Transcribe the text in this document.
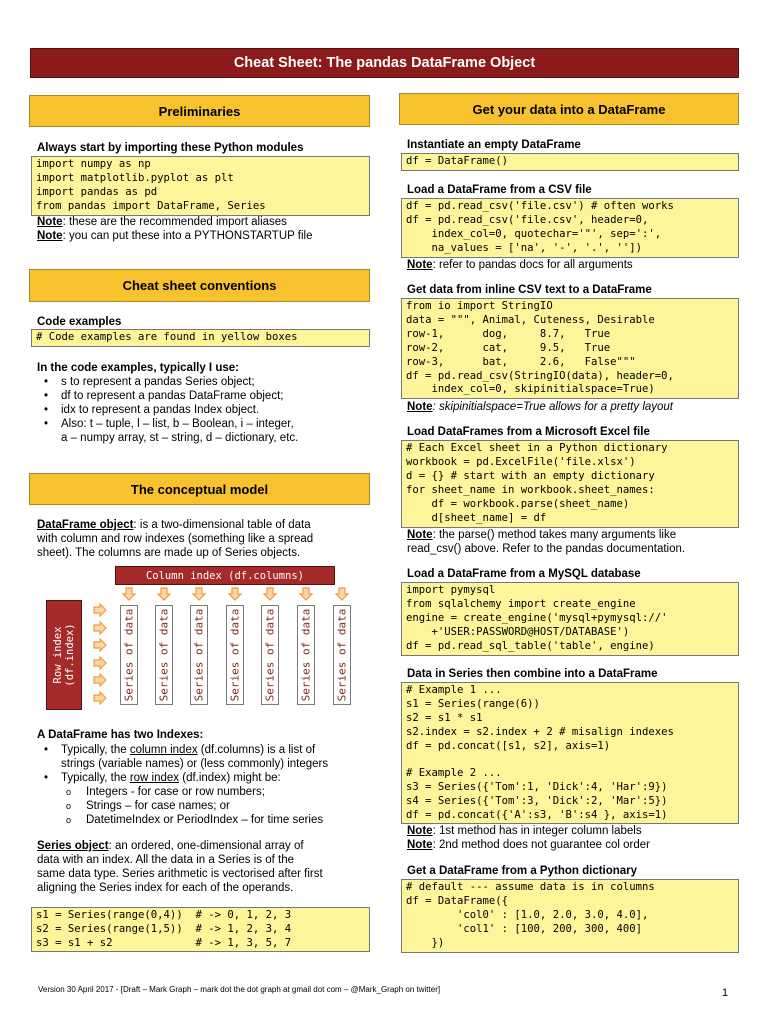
Cheat Sheet: The pandas DataFrame Object
Preliminaries
Always start by importing these Python modules
import numpy as np
import matplotlib.pyplot as plt
import pandas as pd
from pandas import DataFrame, Series
Note: these are the recommended import aliases
Note: you can put these into a PYTHONSTARTUP file
Cheat sheet conventions
Code examples
# Code examples are found in yellow boxes
In the code examples, typically I use:
• s to represent a pandas Series object;
• df to represent a pandas DataFrame object;
• idx to represent a pandas Index object.
• Also: t – tuple, l – list, b – Boolean, i – integer,
a – numpy array, st – string, d – dictionary, etc.
The conceptual model
DataFrame object: is a two-dimensional table of data
with column and row indexes (something like a spread
sheet). The columns are made up of Series objects.
Column index (df.columns)
Row index
(df.index)	Series of data Series of data Series of data Series of data Series of data Series of data Series of data
A DataFrame has two Indexes:
• Typically, the column index (df.columns) is a list of
strings (variable names) or (less commonly) integers
• Typically, the row index (df.index) might be:
o Integers - for case or row numbers;
o Strings – for case names; or
o DatetimeIndex or PeriodIndex – for time series
Series object: an ordered, one-dimensional array of
data with an index. All the data in a Series is of the
same data type. Series arithmetic is vectorised after first
aligning the Series index for each of the operands.
s1 = Series(range(0,4))  # -> 0, 1, 2, 3
s2 = Series(range(1,5))  # -> 1, 2, 3, 4
s3 = s1 + s2             # -> 1, 3, 5, 7
Get your data into a DataFrame
Instantiate an empty DataFrame
df = DataFrame()
Load a DataFrame from a CSV file
df = pd.read_csv('file.csv') # often works
df = pd.read_csv('file.csv', header=0,
index_col=0, quotechar='"', sep=':',
na_values = ['na', '-', '.', ''])
Note: refer to pandas docs for all arguments
Get data from inline CSV text to a DataFrame
from io import StringIO
data = """, Animal, Cuteness, Desirable
row-1,      dog,     8.7,   True
row-2,      cat,     9.5,   True
row-3,      bat,     2.6,   False"""
df = pd.read_csv(StringIO(data), header=0,
index_col=0, skipinitialspace=True)
Note: skipinitialspace=True allows for a pretty layout
Load DataFrames from a Microsoft Excel file
# Each Excel sheet in a Python dictionary
workbook = pd.ExcelFile('file.xlsx')
d = {} # start with an empty dictionary
for sheet_name in workbook.sheet_names:
df = workbook.parse(sheet_name)
d[sheet_name] = df
Note: the parse() method takes many arguments like
read_csv() above. Refer to the pandas documentation.
Load a DataFrame from a MySQL database
import pymysql
from sqlalchemy import create_engine
engine = create_engine('mysql+pymysql://'
+'USER:PASSWORD@HOST/DATABASE')
df = pd.read_sql_table('table', engine)
Data in Series then combine into a DataFrame
# Example 1 ...
s1 = Series(range(6))
s2 = s1 * s1
s2.index = s2.index + 2 # misalign indexes
df = pd.concat([s1, s2], axis=1)

# Example 2 ...
s3 = Series({'Tom':1, 'Dick':4, 'Har':9})
s4 = Series({'Tom':3, 'Dick':2, 'Mar':5})
df = pd.concat({'A':s3, 'B':s4 }, axis=1)
Note: 1st method has in integer column labels
Note: 2nd method does not guarantee col order
Get a DataFrame from a Python dictionary
# default --- assume data is in columns
df = DataFrame({
'col0' : [1.0, 2.0, 3.0, 4.0],
'col1' : [100, 200, 300, 400]
})
Version 30 April 2017 - [Draft – Mark Graph – mark dot the dot graph at gmail dot com – @Mark_Graph on twitter]	1
